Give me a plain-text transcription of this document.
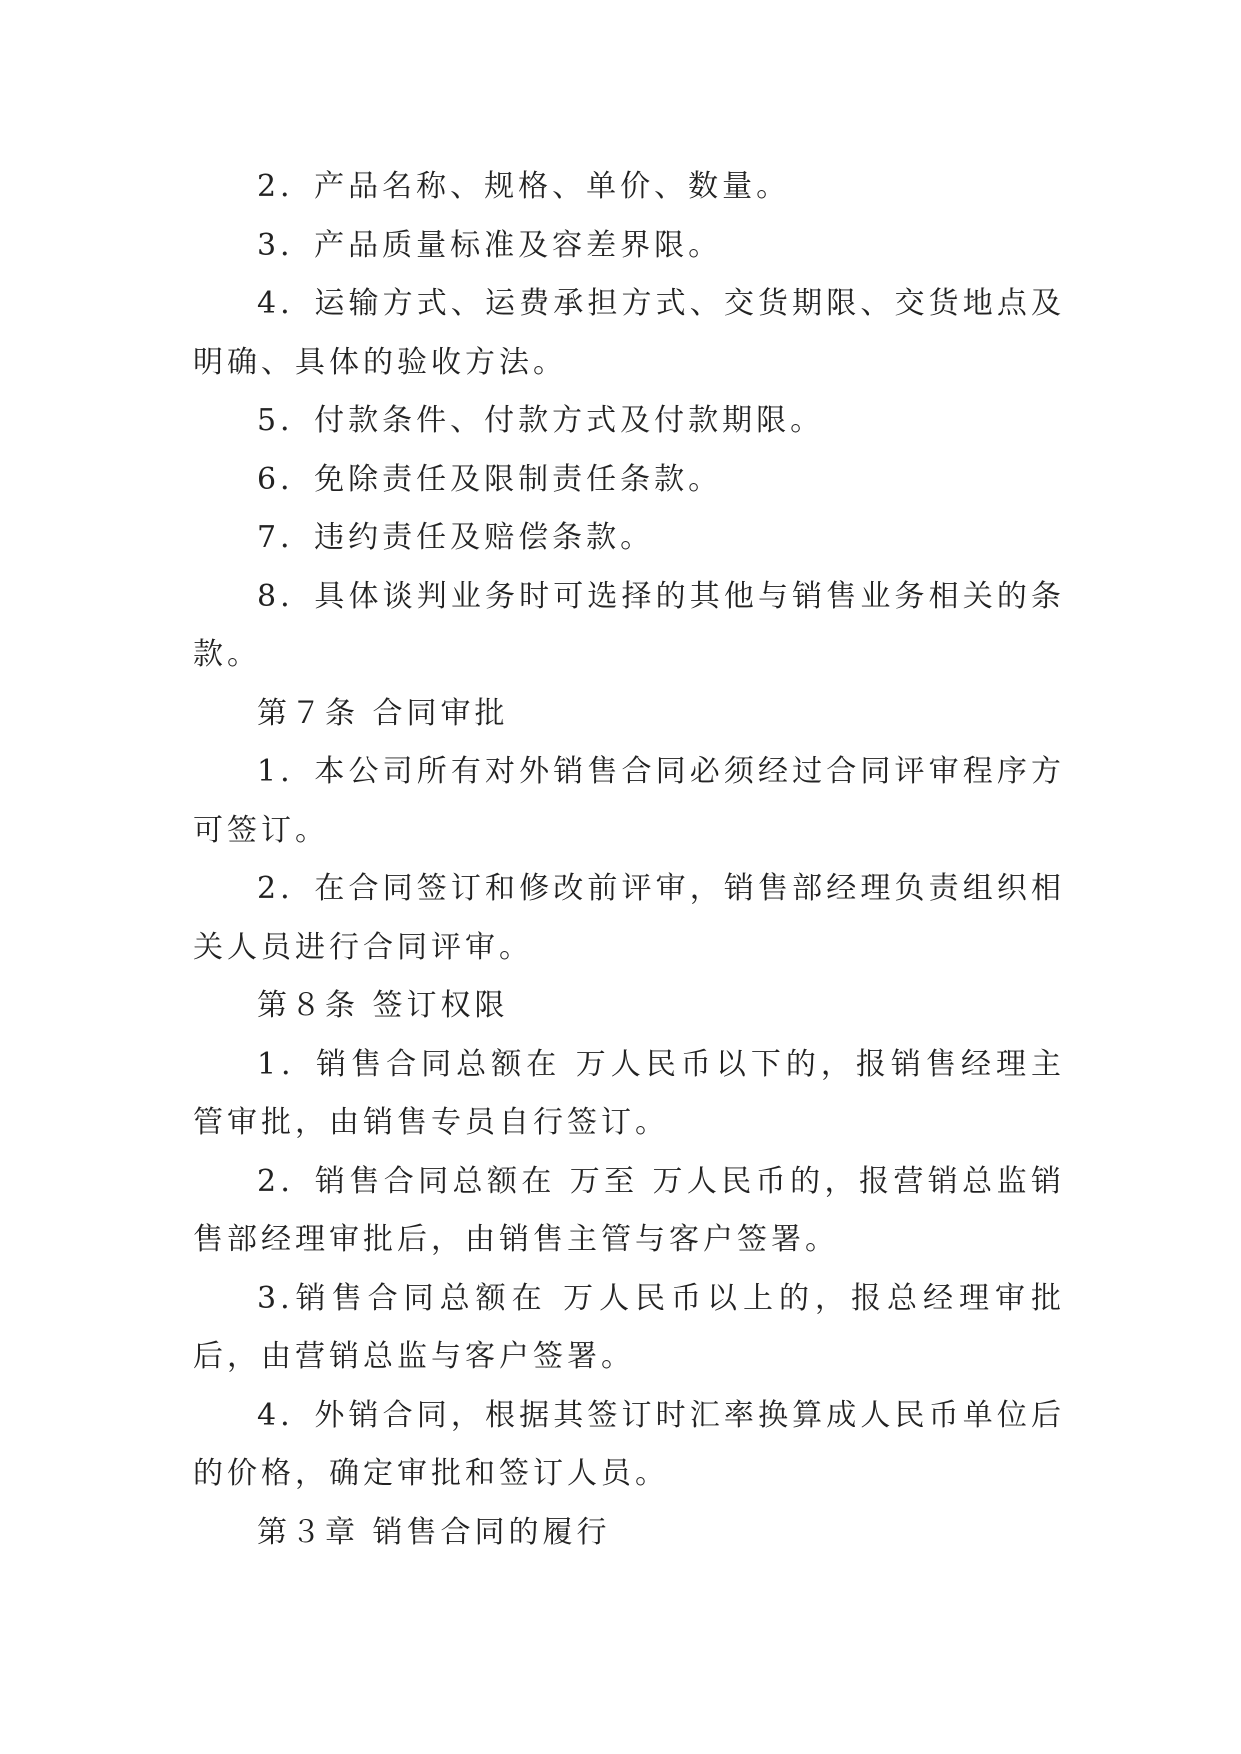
2．产品名称、规格、单价、数量。

3．产品质量标准及容差界限。

4．运输方式、运费承担方式、交货期限、交货地点及明确、具体的验收方法。

5．付款条件、付款方式及付款期限。

6．免除责任及限制责任条款。

7．违约责任及赔偿条款。

8．具体谈判业务时可选择的其他与销售业务相关的条款。

第７条 合同审批

1．本公司所有对外销售合同必须经过合同评审程序方可签订。

2．在合同签订和修改前评审，销售部经理负责组织相关人员进行合同评审。

第８条 签订权限

1．销售合同总额在 万人民币以下的，报销售经理主管审批，由销售专员自行签订。

2．销售合同总额在 万至 万人民币的，报营销总监销售部经理审批后，由销售主管与客户签署。

3.销售合同总额在 万人民币以上的，报总经理审批后，由营销总监与客户签署。

4．外销合同，根据其签订时汇率换算成人民币单位后的价格，确定审批和签订人员。

第３章 销售合同的履行
